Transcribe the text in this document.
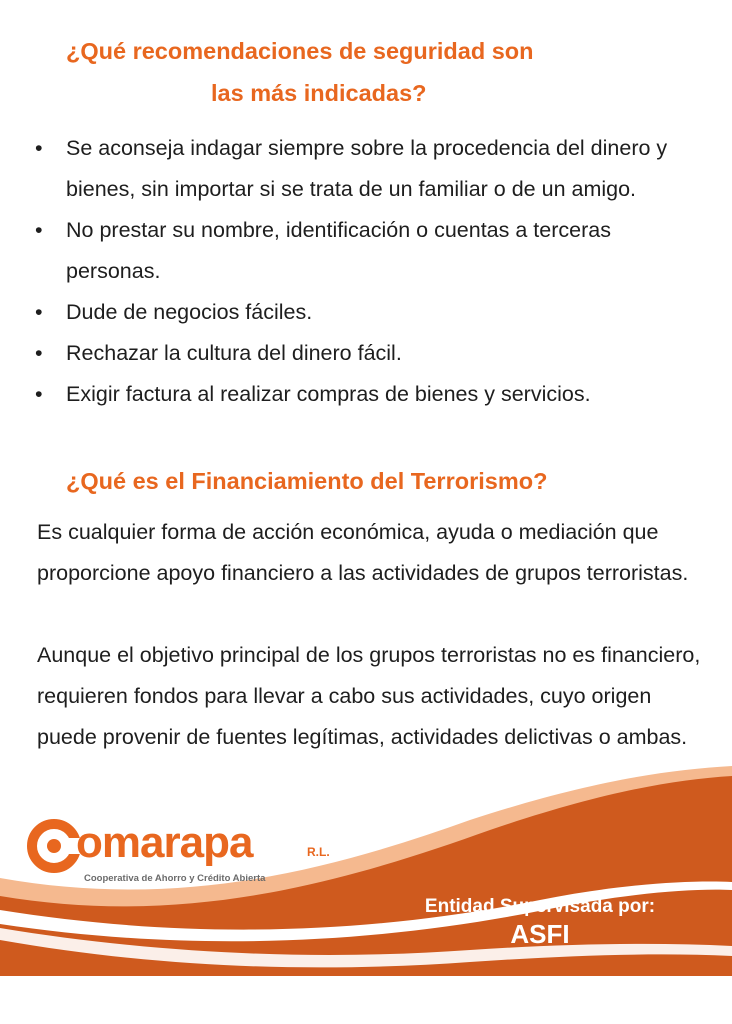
¿Qué recomendaciones de seguridad son
las más indicadas?
• Se aconseja indagar siempre sobre la procedencia del dinero y bienes, sin importar si se trata de un familiar o de un amigo.
• No prestar su nombre, identificación o cuentas a terceras personas.
• Dude de negocios fáciles.
• Rechazar la cultura del dinero fácil.
• Exigir factura al realizar compras de bienes y servicios.
¿Qué es el Financiamiento del Terrorismo?

Es cualquier forma de acción económica, ayuda o mediación que proporcione apoyo financiero a las actividades de grupos terroristas.

Aunque el objetivo principal de los grupos terroristas no es financiero, requieren fondos para llevar a cabo sus actividades, cuyo origen puede provenir de fuentes legítimas, actividades delictivas o ambas.

omarapa	R.L.
Cooperativa de Ahorro y Crédito Abierta

Entidad Supervisada por:

ASFI
